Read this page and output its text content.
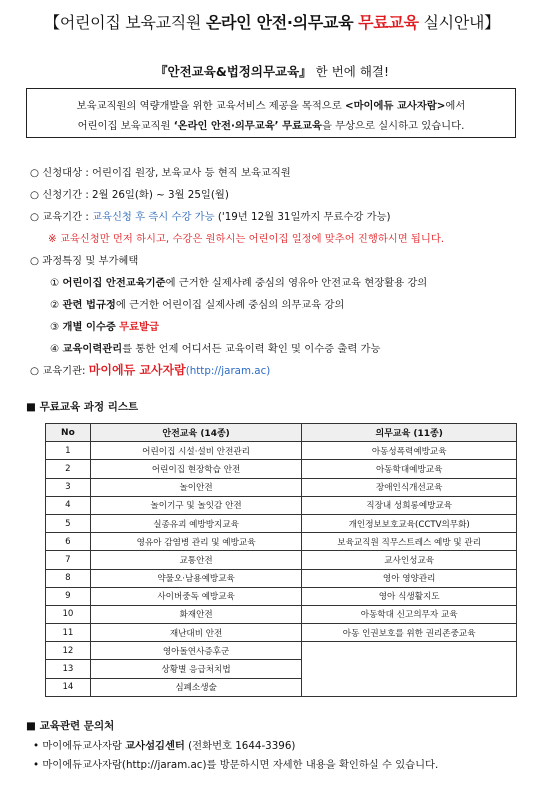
【어린이집 보육교직원 온라인 안전·의무교육 무료교육 실시안내】
『안전교육&법정의무교육』 한 번에 해결!
보육교직원의 역량개발을 위한 교육서비스 제공을 목적으로 <마이에듀 교사자람>에서
어린이집 보육교직원 ‘온라인 안전·의무교육’ 무료교육을 무상으로 실시하고 있습니다.
○ 신청대상 : 어린이집 원장, 보육교사 등 현직 보육교직원
○ 신청기간 : 2월 26일(화) ~ 3월 25일(월)
○ 교육기간 : 교육신청 후 즉시 수강 가능 ('19년 12월 31일까지 무료수강 가능)
※ 교육신청만 먼저 하시고, 수강은 원하시는 어린이집 일정에 맞추어 진행하시면 됩니다.
○ 과정특징 및 부가혜택
① 어린이집 안전교육기준에 근거한 실제사례 중심의 영유아 안전교육 현장활용 강의
② 관련 법규정에 근거한 어린이집 실제사례 중심의 의무교육 강의
③ 개별 이수증 무료발급
④ 교육이력관리를 통한 언제 어디서든 교육이력 확인 및 이수증 출력 가능
○ 교육기관: 마이에듀 교사자람(http://jaram.ac)
■ 무료교육 과정 리스트
No	안전교육 (14종)	의무교육 (11종)
1	어린이집 시설·설비 안전관리	아동성폭력예방교육
2	어린이집 현장학습 안전	아동학대예방교육
3	놀이안전	장애인식개선교육
4	놀이기구 및 놀잇감 안전	직장내 성희롱예방교육
5	실종유괴 예방방지교육	개인정보보호교육(CCTV의무화)
6	영유아 감염병 관리 및 예방교육	보육교직원 직무스트레스 예방 및 관리
7	교통안전	교사인성교육
8	약물오·남용예방교육	영아 영양관리
9	사이버중독 예방교육	영아 식생활지도
10	화재안전	아동학대 신고의무자 교육
11	재난대비 안전	아동 인권보호를 위한 권리존중교육
12	영아돌연사증후군	
13	상황별 응급처치법	
14	심폐소생술	
■ 교육관련 문의처
• 마이에듀교사자람 교사섬김센터 (전화번호 1644-3396)
• 마이에듀교사자람(http://jaram.ac)를 방문하시면 자세한 내용을 확인하실 수 있습니다.
